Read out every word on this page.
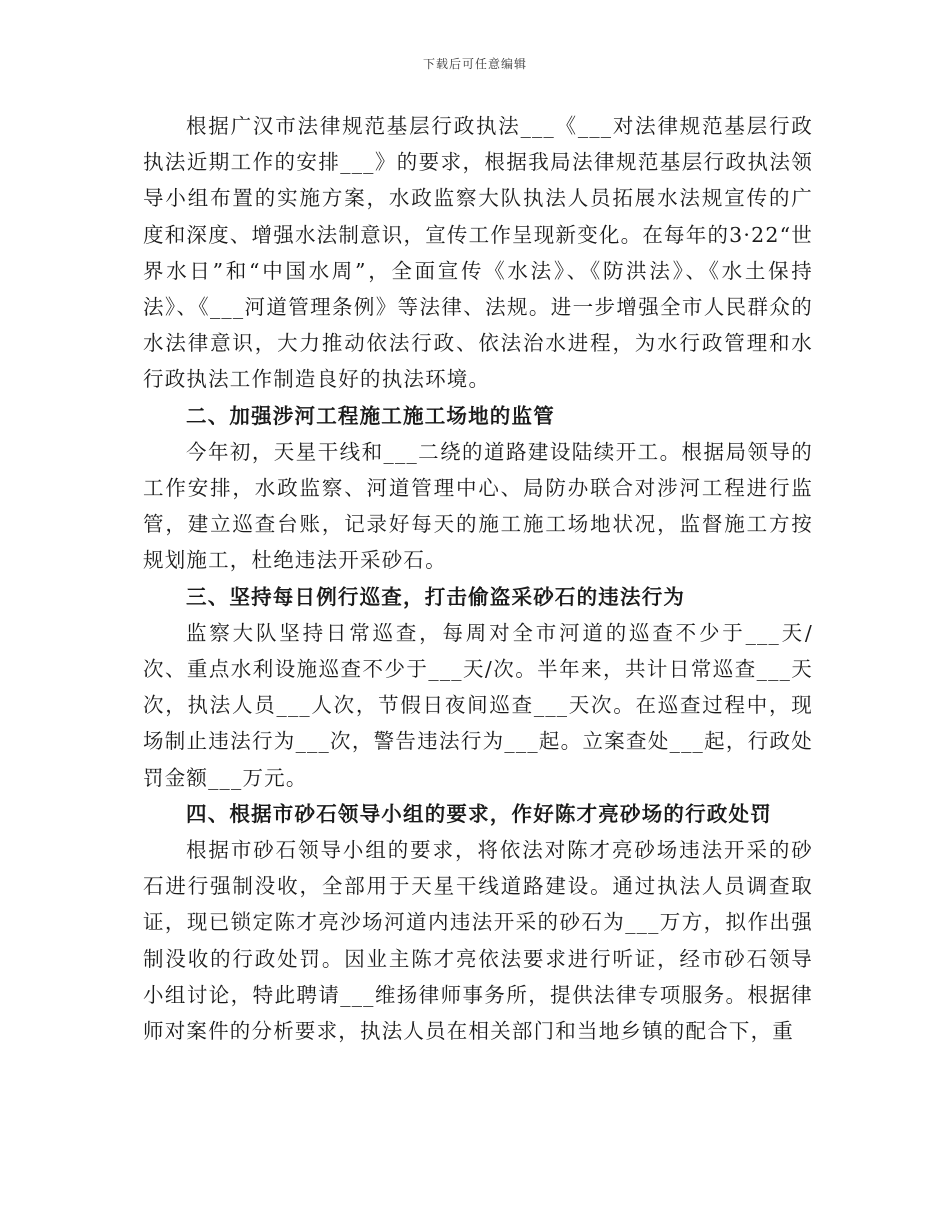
下载后可任意编辑

根据广汉市法律规范基层行政执法___《___对法律规范基层行政执法近期工作的安排___》的要求，根据我局法律规范基层行政执法领导小组布置的实施方案，水政监察大队执法人员拓展水法规宣传的广度和深度、增强水法制意识，宣传工作呈现新变化。在每年的3·22“世界水日”和“中国水周”，全面宣传《水法》、《防洪法》、《水土保持法》、《___河道管理条例》等法律、法规。进一步增强全市人民群众的水法律意识，大力推动依法行政、依法治水进程，为水行政管理和水行政执法工作制造良好的执法环境。

二、加强涉河工程施工施工场地的监管

今年初，天星干线和___二绕的道路建设陆续开工。根据局领导的工作安排，水政监察、河道管理中心、局防办联合对涉河工程进行监管，建立巡查台账，记录好每天的施工施工场地状况，监督施工方按规划施工，杜绝违法开采砂石。

三、坚持每日例行巡查，打击偷盗采砂石的违法行为

监察大队坚持日常巡查，每周对全市河道的巡查不少于___天/次、重点水利设施巡查不少于___天/次。半年来，共计日常巡查___天次，执法人员___人次，节假日夜间巡查___天次。在巡查过程中，现场制止违法行为___次，警告违法行为___起。立案查处___起，行政处罚金额___万元。

四、根据市砂石领导小组的要求，作好陈才亮砂场的行政处罚

根据市砂石领导小组的要求，将依法对陈才亮砂场违法开采的砂石进行强制没收，全部用于天星干线道路建设。通过执法人员调查取证，现已锁定陈才亮沙场河道内违法开采的砂石为___万方，拟作出强制没收的行政处罚。因业主陈才亮依法要求进行听证，经市砂石领导小组讨论，特此聘请___维扬律师事务所，提供法律专项服务。根据律师对案件的分析要求，执法人员在相关部门和当地乡镇的配合下，重
